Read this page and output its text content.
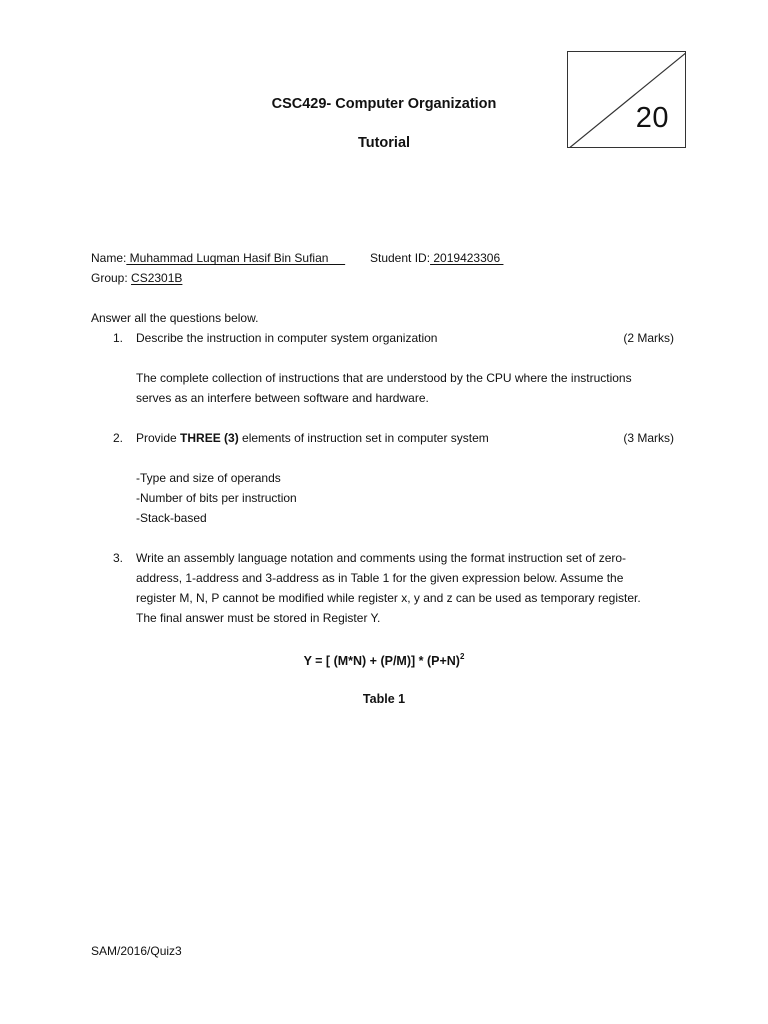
20
CSC429- Computer Organization
Tutorial
Name: Muhammad Luqman Hasif Bin Sufian Student ID: 2019423306
Group: CS2301B
Answer all the questions below.
1. Describe the instruction in computer system organization	(2 Marks)
The complete collection of instructions that are understood by the CPU where the instructions
serves as an interfere between software and hardware.
2. Provide THREE (3) elements of instruction set in computer system	(3 Marks)
-Type and size of operands
-Number of bits per instruction
-Stack-based
3. Write an assembly language notation and comments using the format instruction set of zero-
address, 1-address and 3-address as in Table 1 for the given expression below. Assume the
register M, N, P cannot be modified while register x, y and z can be used as temporary register.
The final answer must be stored in Register Y.
Y = [ $(M*N) + (P/M)] * (P+N)^2$
Table 1
SAM/2016/Quiz3
